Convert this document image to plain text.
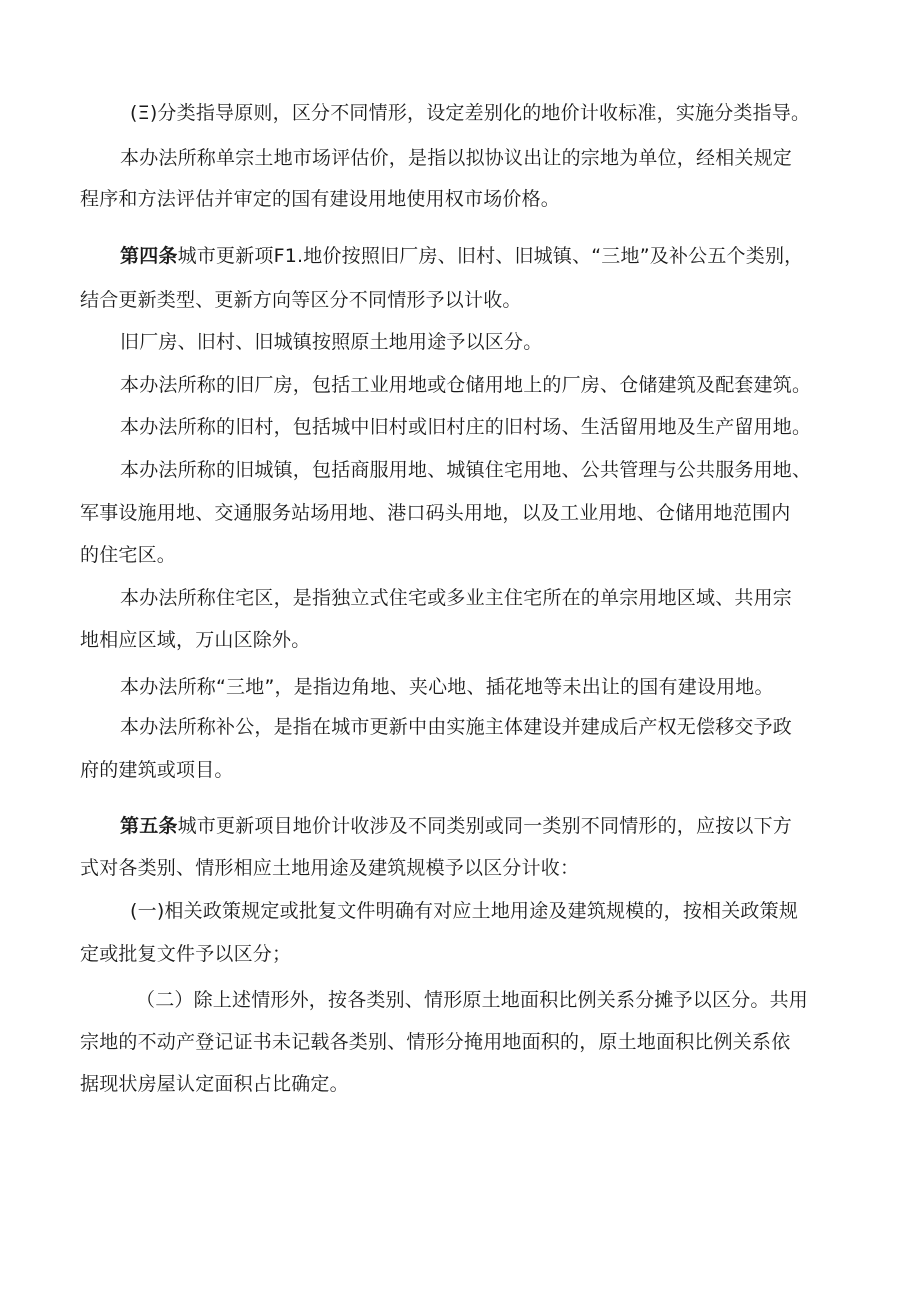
(Ξ)分类指导原则，区分不同情形，设定差别化的地价计收标准，实施分类指导。
本办法所称单宗土地市场评估价，是指以拟协议出让的宗地为单位，经相关规定
程序和方法评估并审定的国有建设用地使用权市场价格。
第四条城市更新项F1.地价按照旧厂房、旧村、旧城镇、“三地”及补公五个类别，
结合更新类型、更新方向等区分不同情形予以计收。
旧厂房、旧村、旧城镇按照原土地用途予以区分。
本办法所称的旧厂房，包括工业用地或仓储用地上的厂房、仓储建筑及配套建筑。
本办法所称的旧村，包括城中旧村或旧村庄的旧村场、生活留用地及生产留用地。
本办法所称的旧城镇，包括商服用地、城镇住宅用地、公共管理与公共服务用地、
军事设施用地、交通服务站场用地、港口码头用地，以及工业用地、仓储用地范围内
的住宅区。
本办法所称住宅区，是指独立式住宅或多业主住宅所在的单宗用地区域、共用宗
地相应区域，万山区除外。
本办法所称“三地”，是指边角地、夹心地、插花地等未出让的国有建设用地。
本办法所称补公，是指在城市更新中由实施主体建设并建成后产权无偿移交予政
府的建筑或项目。
第五条城市更新项目地价计收涉及不同类别或同一类别不同情形的，应按以下方
式对各类别、情形相应土地用途及建筑规模予以区分计收：
(一)相关政策规定或批复文件明确有对应土地用途及建筑规模的，按相关政策规
定或批复文件予以区分；
（二）除上述情形外，按各类别、情形原土地面积比例关系分摊予以区分。共用
宗地的不动产登记证书未记载各类别、情形分掩用地面积的，原土地面积比例关系依
据现状房屋认定面积占比确定。
